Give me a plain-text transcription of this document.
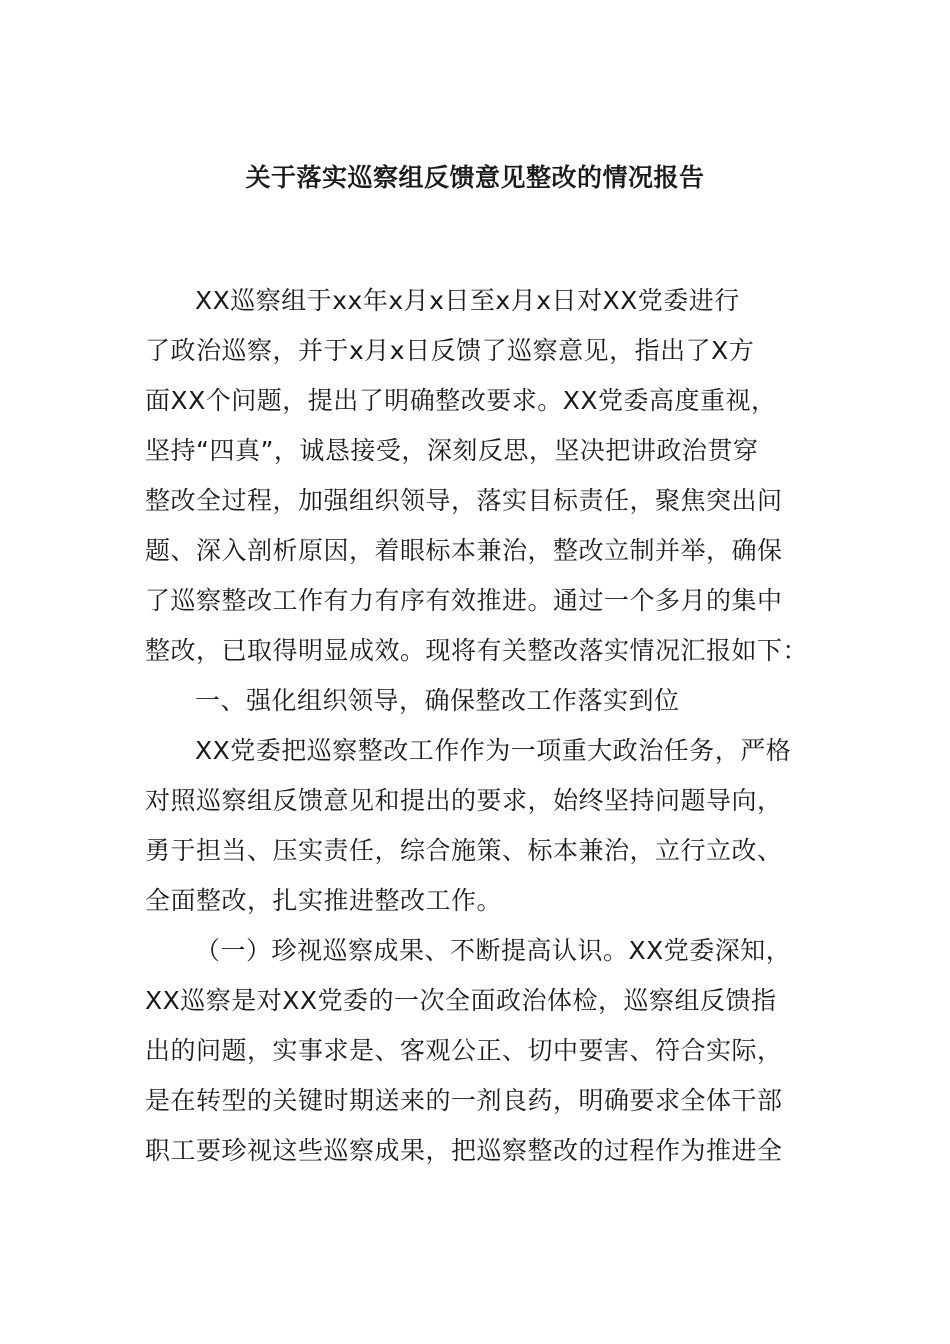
关于落实巡察组反馈意见整改的情况报告
XX巡察组于xx年x月x日至x月x日对XX党委进行
了政治巡察，并于x月x日反馈了巡察意见，指出了X方
面XX个问题，提出了明确整改要求。XX党委高度重视，
坚持“四真”，诚恳接受，深刻反思，坚决把讲政治贯穿
整改全过程，加强组织领导，落实目标责任，聚焦突出问
题、深入剖析原因，着眼标本兼治，整改立制并举，确保
了巡察整改工作有力有序有效推进。通过一个多月的集中
整改，已取得明显成效。现将有关整改落实情况汇报如下：
一、强化组织领导，确保整改工作落实到位
XX党委把巡察整改工作作为一项重大政治任务，严格
对照巡察组反馈意见和提出的要求，始终坚持问题导向，
勇于担当、压实责任，综合施策、标本兼治，立行立改、
全面整改，扎实推进整改工作。
（一）珍视巡察成果、不断提高认识。XX党委深知，
XX巡察是对XX党委的一次全面政治体检，巡察组反馈指
出的问题，实事求是、客观公正、切中要害、符合实际，
是在转型的关键时期送来的一剂良药，明确要求全体干部
职工要珍视这些巡察成果，把巡察整改的过程作为推进全
